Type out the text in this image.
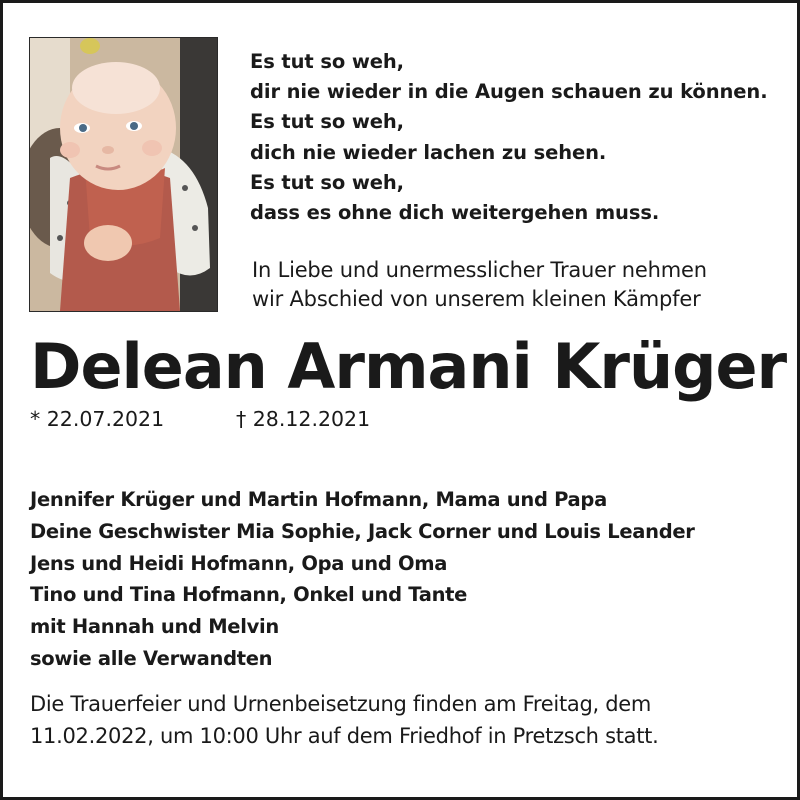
Es tut so weh,
dir nie wieder in die Augen schauen zu können.
Es tut so weh,
dich nie wieder lachen zu sehen.
Es tut so weh,
dass es ohne dich weitergehen muss.
In Liebe und unermesslicher Trauer nehmen
wir Abschied von unserem kleinen Kämpfer
Delean Armani Krüger
* 22.07.2021	† 28.12.2021
Jennifer Krüger und Martin Hofmann, Mama und Papa
Deine Geschwister Mia Sophie, Jack Corner und Louis Leander
Jens und Heidi Hofmann, Opa und Oma
Tino und Tina Hofmann, Onkel und Tante
mit Hannah und Melvin
sowie alle Verwandten
Die Trauerfeier und Urnenbeisetzung finden am Freitag, dem
11.02.2022, um 10:00 Uhr auf dem Friedhof in Pretzsch statt.
